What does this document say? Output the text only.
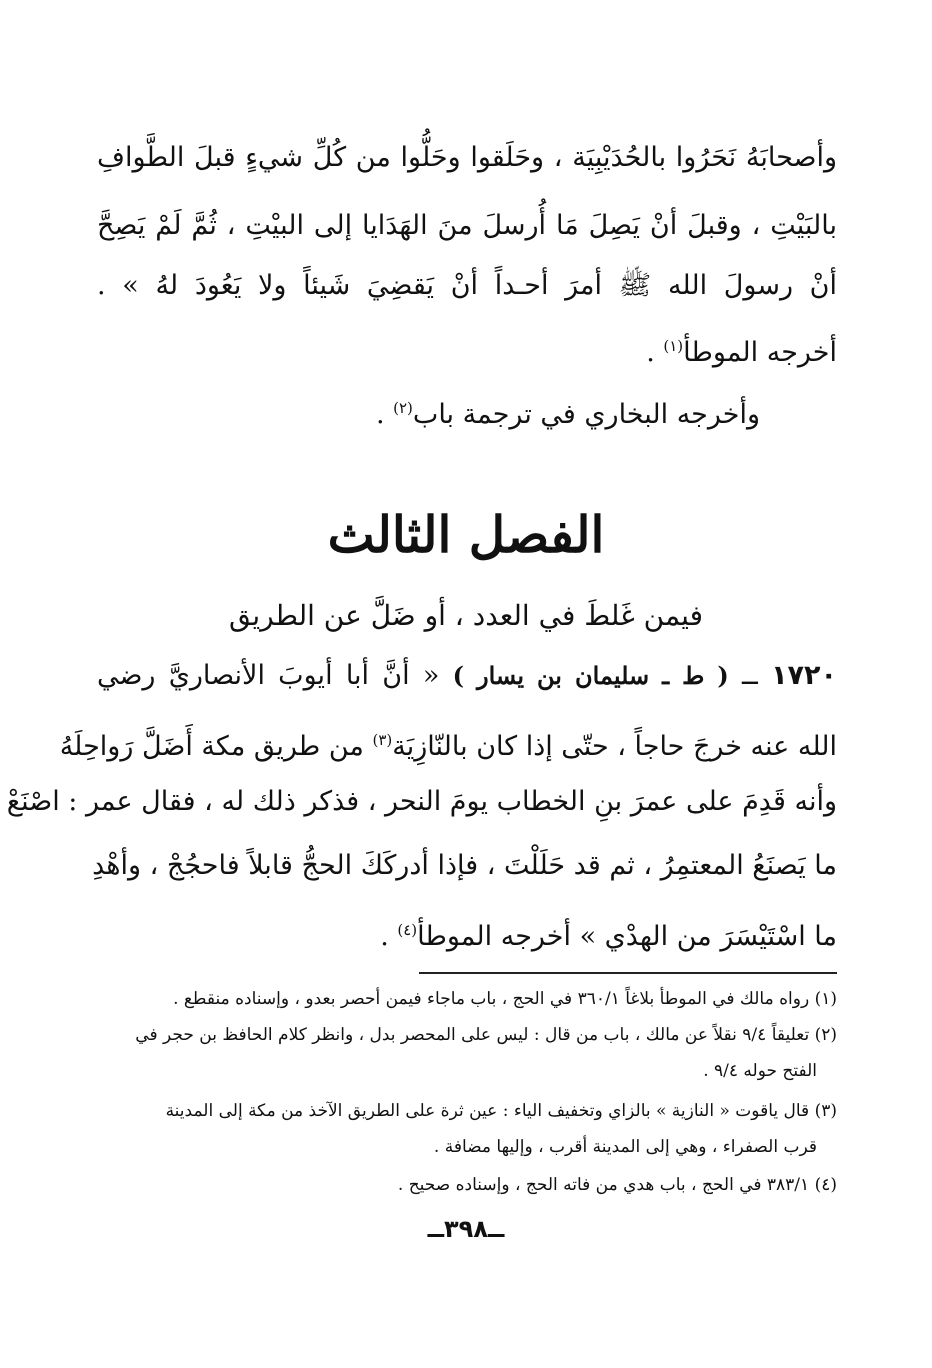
وأصحابَهُ نَحَرُوا بالحُدَيْبِيَة ، وحَلَقوا وحَلُّوا من كُلِّ شيءٍ قبلَ الطَّوافِ
بالبَيْتِ ، وقبلَ أنْ يَصِلَ مَا أُرسلَ منَ الهَدَايا إلى البيْتِ ، ثُمَّ لَمْ يَصِحَّ
أنْ رسولَ الله ﷺ أمرَ أحـداً أنْ يَقضِيَ شَيئاً ولا يَعُودَ لهُ » .
أخرجه الموطأ$^{(١)}$ .
وأخرجه البخاري في ترجمة باب$^{(٢)}$ .
الفصل الثالث
فيمن غَلطَ في العدد ، أو ضَلَّ عن الطريق
١٧٢٠ ــ ( ط ـ سليمان بن يسار ) « أنَّ أبا أيوبَ الأنصاريَّ رضي
الله عنه خرجَ حاجاً ، حتّى إذا كان بالنّازِيَة$^{(٣)}$ من طريق مكة أَضَلَّ رَواحِلَهُ
وأنه قَدِمَ على عمرَ بنِ الخطاب يومَ النحر ، فذكر ذلك له ، فقال عمر : اصْنَعْ
ما يَصنَعُ المعتمِرُ ، ثم قد حَلَلْتَ ، فإذا أدركَكَ الحجُّ قابلاً فاحجُجْ ، وأهْدِ
ما اسْتَيْسَرَ من الهدْي » أخرجه الموطأ$^{(٤)}$ .
(١) رواه مالك في الموطأ بلاغاً ٣٦٠/١ في الحج ، باب ماجاء فيمن أحصر بعدو ، وإسناده منقطع .
(٢) تعليقاً ٩/٤ نقلاً عن مالك ، باب من قال : ليس على المحصر بدل ، وانظر كلام الحافظ بن حجر في
الفتح حوله ٩/٤ .
(٣) قال ياقوت « النازية » بالزاي وتخفيف الياء : عين ثرة على الطريق الآخذ من مكة إلى المدينة
قرب الصفراء ، وهي إلى المدينة أقرب ، وإليها مضافة .
(٤) ٣٨٣/١ في الحج ، باب هدي من فاته الحج ، وإسناده صحيح .
ــ٣٩٨ــ
